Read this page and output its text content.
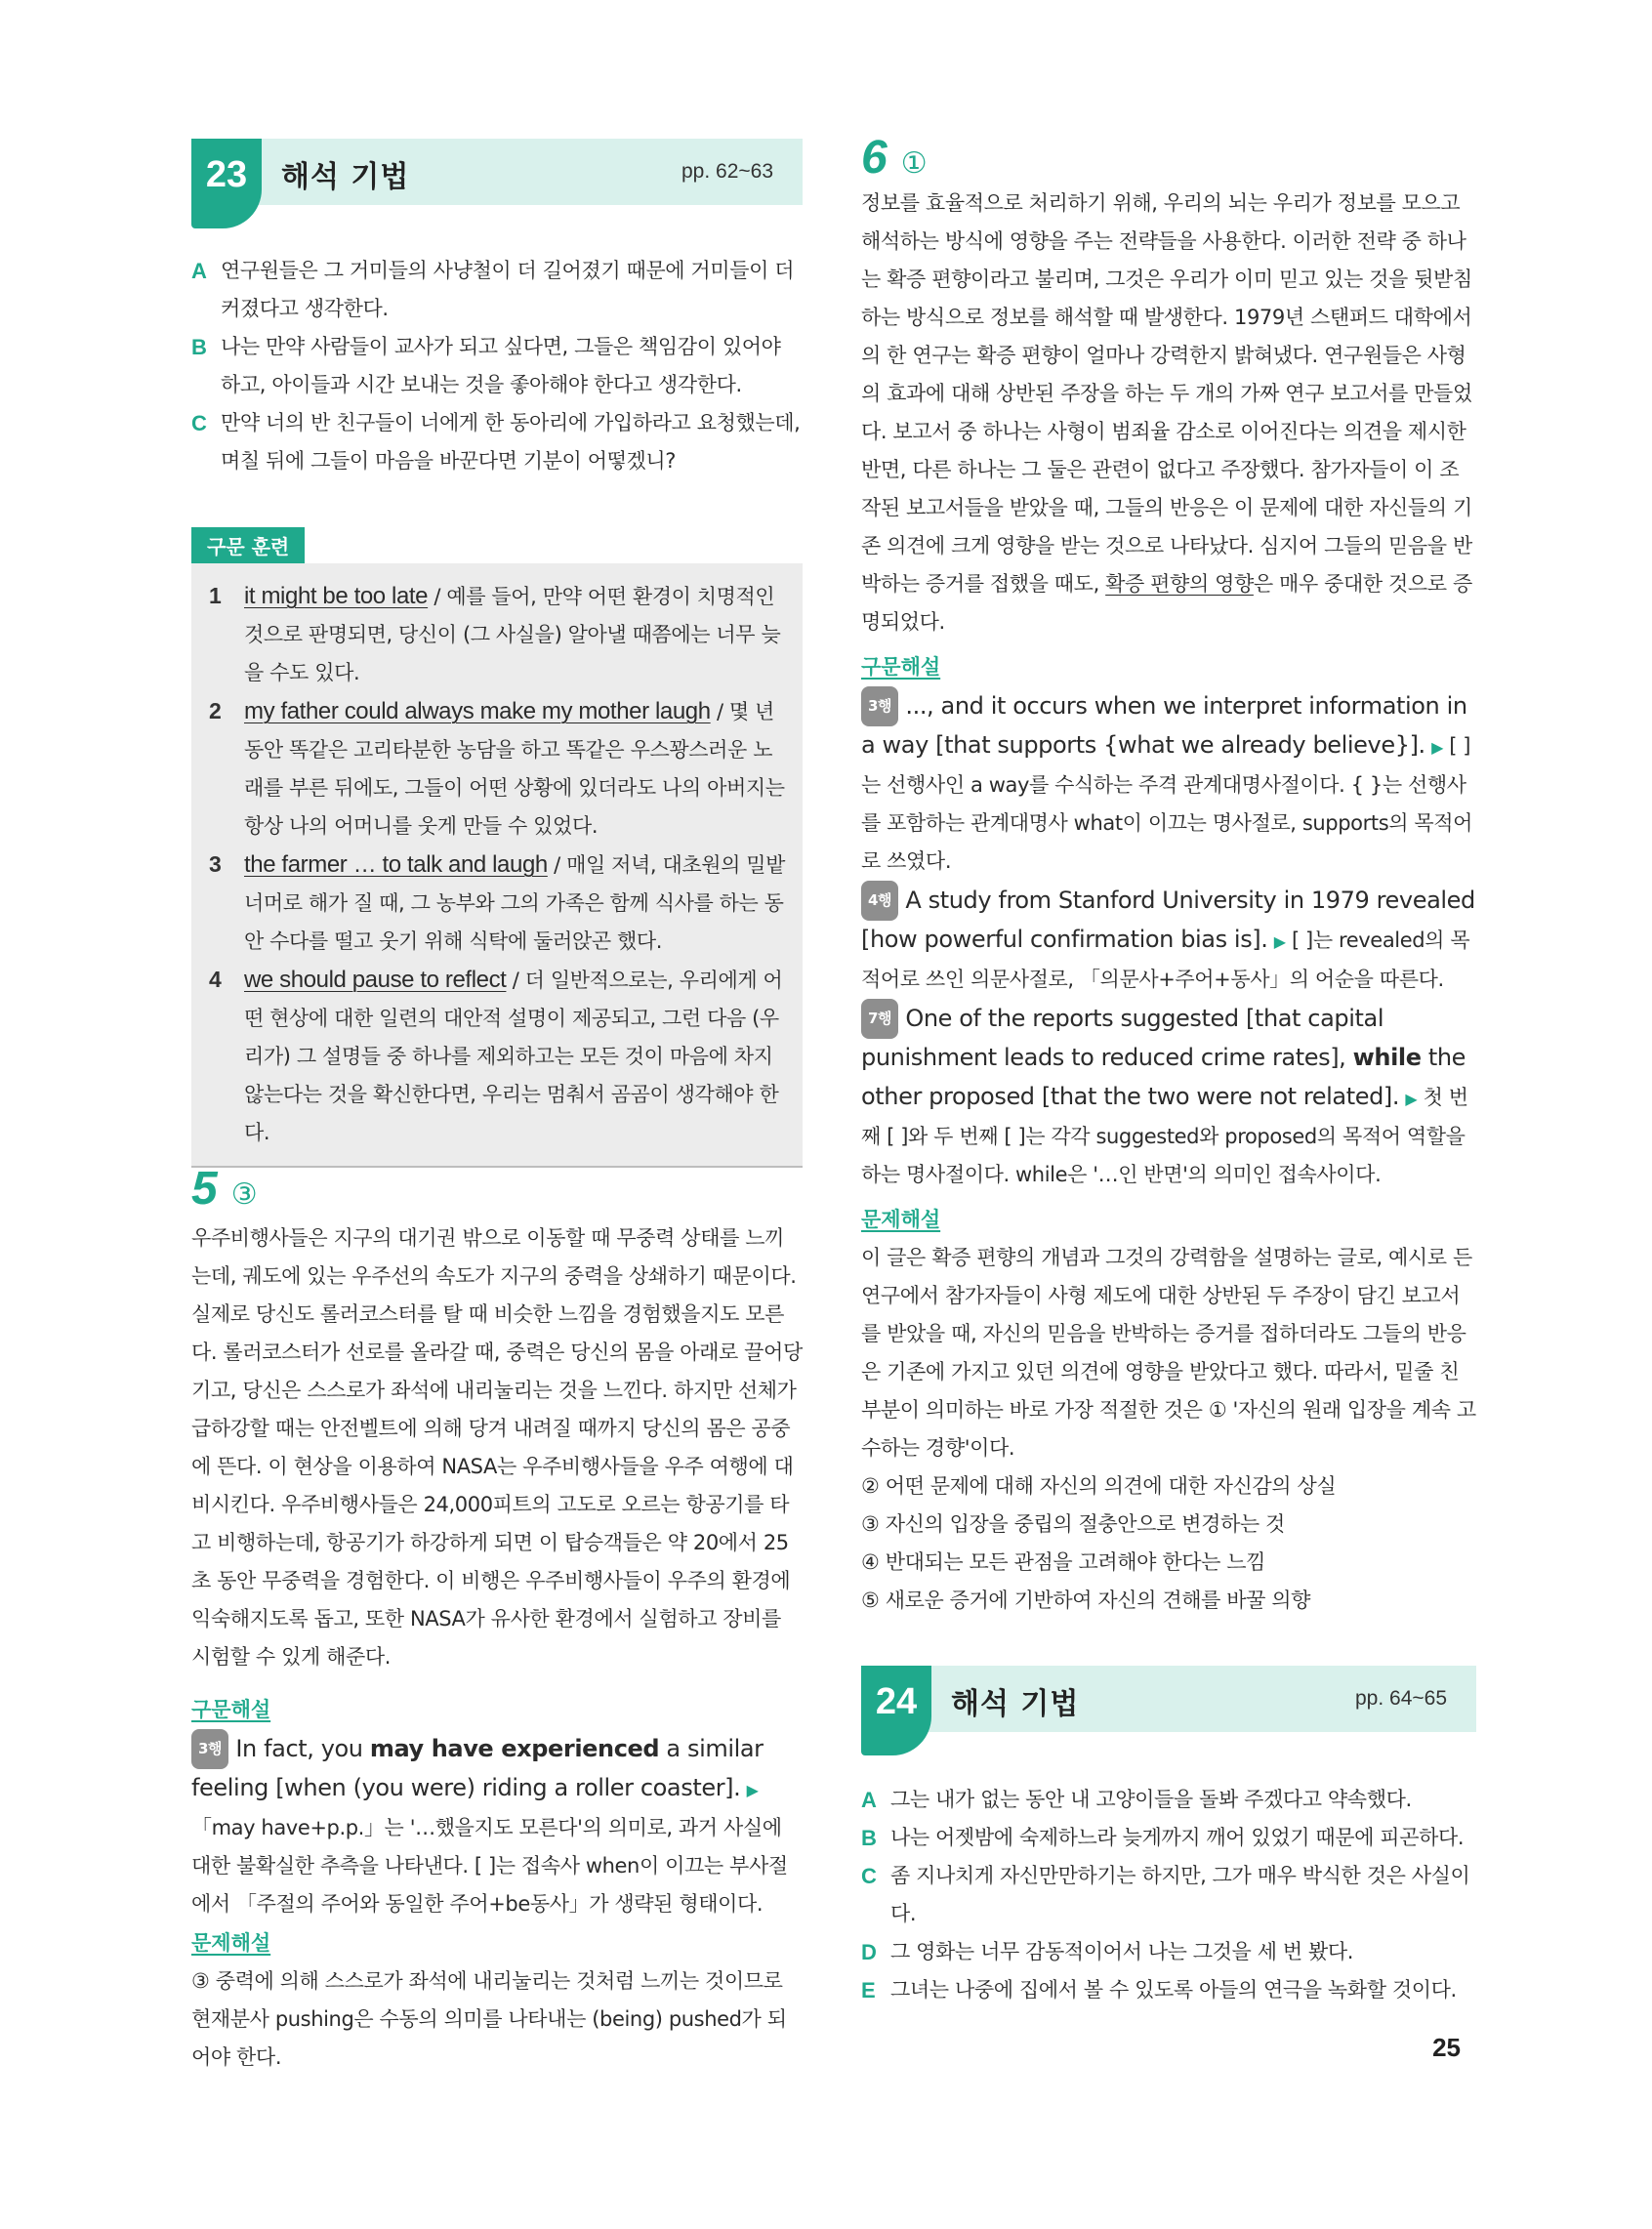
23	해석 기법	pp. 62~63
A 연구원들은 그 거미들의 사냥철이 더 길어졌기 때문에 거미들이 더 커졌다고 생각한다.
B 나는 만약 사람들이 교사가 되고 싶다면, 그들은 책임감이 있어야 하고, 아이들과 시간 보내는 것을 좋아해야 한다고 생각한다.
C 만약 너의 반 친구들이 너에게 한 동아리에 가입하라고 요청했는데, 며칠 뒤에 그들이 마음을 바꾼다면 기분이 어떻겠니?
구문 훈련
1 it might be too late / 예를 들어, 만약 어떤 환경이 치명적인 것으로 판명되면, 당신이 (그 사실을) 알아낼 때쯤에는 너무 늦을 수도 있다.
2 my father could always make my mother laugh / 몇 년 동안 똑같은 고리타분한 농담을 하고 똑같은 우스꽝스러운 노래를 부른 뒤에도, 그들이 어떤 상황에 있더라도 나의 아버지는 항상 나의 어머니를 웃게 만들 수 있었다.
3 the farmer … to talk and laugh / 매일 저녁, 대초원의 밀밭 너머로 해가 질 때, 그 농부와 그의 가족은 함께 식사를 하는 동안 수다를 떨고 웃기 위해 식탁에 둘러앉곤 했다.
4 we should pause to reflect / 더 일반적으로는, 우리에게 어떤 현상에 대한 일련의 대안적 설명이 제공되고, 그런 다음 (우리가) 그 설명들 중 하나를 제외하고는 모든 것이 마음에 차지 않는다는 것을 확신한다면, 우리는 멈춰서 곰곰이 생각해야 한다.
5 ③

우주비행사들은 지구의 대기권 밖으로 이동할 때 무중력 상태를 느끼는데, 궤도에 있는 우주선의 속도가 지구의 중력을 상쇄하기 때문이다. 실제로 당신도 롤러코스터를 탈 때 비슷한 느낌을 경험했을지도 모른다. 롤러코스터가 선로를 올라갈 때, 중력은 당신의 몸을 아래로 끌어당기고, 당신은 스스로가 좌석에 내리눌리는 것을 느낀다. 하지만 선체가 급하강할 때는 안전벨트에 의해 당겨 내려질 때까지 당신의 몸은 공중에 뜬다. 이 현상을 이용하여 NASA는 우주비행사들을 우주 여행에 대비시킨다. 우주비행사들은 24,000피트의 고도로 오르는 항공기를 타고 비행하는데, 항공기가 하강하게 되면 이 탑승객들은 약 20에서 25초 동안 무중력을 경험한다. 이 비행은 우주비행사들이 우주의 환경에 익숙해지도록 돕고, 또한 NASA가 유사한 환경에서 실험하고 장비를 시험할 수 있게 해준다.

구문해설

3행 In fact, you may have experienced a similar feeling [when (you were) riding a roller coaster]. ▶ 「may have+p.p.」는 '…했을지도 모른다'의 의미로, 과거 사실에 대한 불확실한 추측을 나타낸다. [ ]는 접속사 when이 이끄는 부사절에서 「주절의 주어와 동일한 주어+be동사」가 생략된 형태이다.

문제해설

③ 중력에 의해 스스로가 좌석에 내리눌리는 것처럼 느끼는 것이므로 현재분사 pushing은 수동의 의미를 나타내는 (being) pushed가 되어야 한다.

6 ①

정보를 효율적으로 처리하기 위해, 우리의 뇌는 우리가 정보를 모으고 해석하는 방식에 영향을 주는 전략들을 사용한다. 이러한 전략 중 하나는 확증 편향이라고 불리며, 그것은 우리가 이미 믿고 있는 것을 뒷받침하는 방식으로 정보를 해석할 때 발생한다. 1979년 스탠퍼드 대학에서의 한 연구는 확증 편향이 얼마나 강력한지 밝혀냈다. 연구원들은 사형의 효과에 대해 상반된 주장을 하는 두 개의 가짜 연구 보고서를 만들었다. 보고서 중 하나는 사형이 범죄율 감소로 이어진다는 의견을 제시한 반면, 다른 하나는 그 둘은 관련이 없다고 주장했다. 참가자들이 이 조작된 보고서들을 받았을 때, 그들의 반응은 이 문제에 대한 자신들의 기존 의견에 크게 영향을 받는 것으로 나타났다. 심지어 그들의 믿음을 반박하는 증거를 접했을 때도, 확증 편향의 영향은 매우 중대한 것으로 증명되었다.

구문해설

3행 ..., and it occurs when we interpret information in a way [that supports {what we already believe}]. ▶ [ ]는 선행사인 a way를 수식하는 주격 관계대명사절이다. { }는 선행사를 포함하는 관계대명사 what이 이끄는 명사절로, supports의 목적어로 쓰였다.

4행 A study from Stanford University in 1979 revealed [how powerful confirmation bias is]. ▶ [ ]는 revealed의 목적어로 쓰인 의문사절로, 「의문사+주어+동사」의 어순을 따른다.

7행 One of the reports suggested [that capital punishment leads to reduced crime rates], while the other proposed [that the two were not related]. ▶ 첫 번째 [ ]와 두 번째 [ ]는 각각 suggested와 proposed의 목적어 역할을 하는 명사절이다. while은 '…인 반면'의 의미인 접속사이다.

문제해설

이 글은 확증 편향의 개념과 그것의 강력함을 설명하는 글로, 예시로 든 연구에서 참가자들이 사형 제도에 대한 상반된 두 주장이 담긴 보고서를 받았을 때, 자신의 믿음을 반박하는 증거를 접하더라도 그들의 반응은 기존에 가지고 있던 의견에 영향을 받았다고 했다. 따라서, 밑줄 친 부분이 의미하는 바로 가장 적절한 것은 ① '자신의 원래 입장을 계속 고수하는 경향'이다.

② 어떤 문제에 대해 자신의 의견에 대한 자신감의 상실

③ 자신의 입장을 중립의 절충안으로 변경하는 것

④ 반대되는 모든 관점을 고려해야 한다는 느낌

⑤ 새로운 증거에 기반하여 자신의 견해를 바꿀 의향

24	해석 기법	pp. 64~65
A 그는 내가 없는 동안 내 고양이들을 돌봐 주겠다고 약속했다.
B 나는 어젯밤에 숙제하느라 늦게까지 깨어 있었기 때문에 피곤하다.
C 좀 지나치게 자신만만하기는 하지만, 그가 매우 박식한 것은 사실이다.
D 그 영화는 너무 감동적이어서 나는 그것을 세 번 봤다.
E 그녀는 나중에 집에서 볼 수 있도록 아들의 연극을 녹화할 것이다.
25
